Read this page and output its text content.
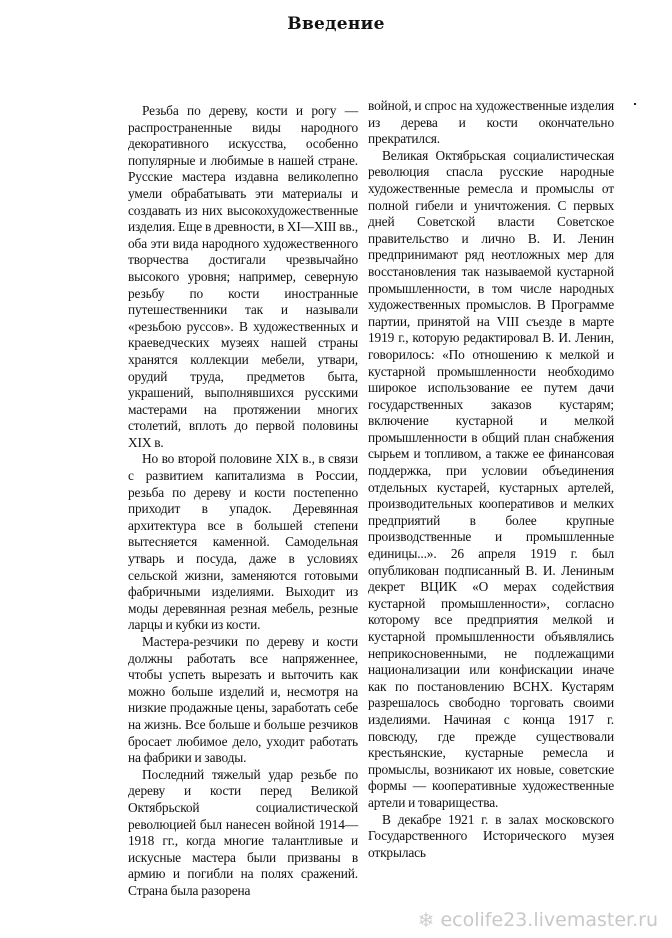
Введение

Резьба по дереву, кости и рогу — распространенные виды народного декоративного искусства, особенно популярные и любимые в нашей стране. Русские мастера издавна великолепно умели обрабатывать эти материалы и создавать из них высокохудожественные изделия. Еще в древности, в XI—XIII вв., оба эти вида народного художественного творчества достигали чрезвычайно высокого уровня; например, северную резьбу по кости иностранные путешественники так и называли «резьбою руссов». В художественных и краеведческих музеях нашей страны хранятся коллекции мебели, утвари, орудий труда, предметов быта, украшений, выполнявшихся русскими мастерами на протяжении многих столетий, вплоть до первой половины XIX в.

Но во второй половине XIX в., в связи с развитием капитализма в России, резьба по дереву и кости постепенно приходит в упадок. Деревянная архитектура все в большей степени вытесняется каменной. Самодельная утварь и посуда, даже в условиях сельской жизни, заменяются готовыми фабричными изделиями. Выходит из моды деревянная резная мебель, резные ларцы и кубки из кости.

Мастера-резчики по дереву и кости должны работать все напряженнее, чтобы успеть вырезать и выточить как можно больше изделий и, несмотря на низкие продажные цены, заработать себе на жизнь. Все больше и больше резчиков бросает любимое дело, уходит работать на фабрики и заводы.

Последний тяжелый удар резьбе по дереву и кости перед Великой Октябрьской социалистической революцией был нанесен войной 1914—1918 гг., когда многие талантливые и искусные мастера были призваны в армию и погибли на полях сражений. Страна была разорена

войной, и спрос на художественные изделия из дерева и кости окончательно прекратился.

Великая Октябрьская социалистическая революция спасла русские народные художественные ремесла и промыслы от полной гибели и уничтожения. С первых дней Советской власти Советское правительство и лично В. И. Ленин предпринимают ряд неотложных мер для восстановления так называемой кустарной промышленности, в том числе народных художественных промыслов. В Программе партии, принятой на VIII съезде в марте 1919 г., которую редактировал В. И. Ленин, говорилось: «По отношению к мелкой и кустарной промышленности необходимо широкое использование ее путем дачи государственных заказов кустарям; включение кустарной и мелкой промышленности в общий план снабжения сырьем и топливом, а также ее финансовая поддержка, при условии объединения отдельных кустарей, кустарных артелей, производительных кооперативов и мелких предприятий в более крупные производственные и промышленные единицы...». 26 апреля 1919 г. был опубликован подписанный В. И. Лениным декрет ВЦИК «О мерах содействия кустарной промышленности», согласно которому все предприятия мелкой и кустарной промышленности объявлялись неприкосновенными, не подлежащими национализации или конфискации иначе как по постановлению ВСНХ. Кустарям разрешалось свободно торговать своими изделиями. Начиная с конца 1917 г. повсюду, где прежде существовали крестьянские, кустарные ремесла и промыслы, возникают их новые, советские формы — кооперативные художественные артели и товарищества.

В декабре 1921 г. в залах московского Государственного Исторического музея открылась

❄ ecolife23.livemaster.ru
